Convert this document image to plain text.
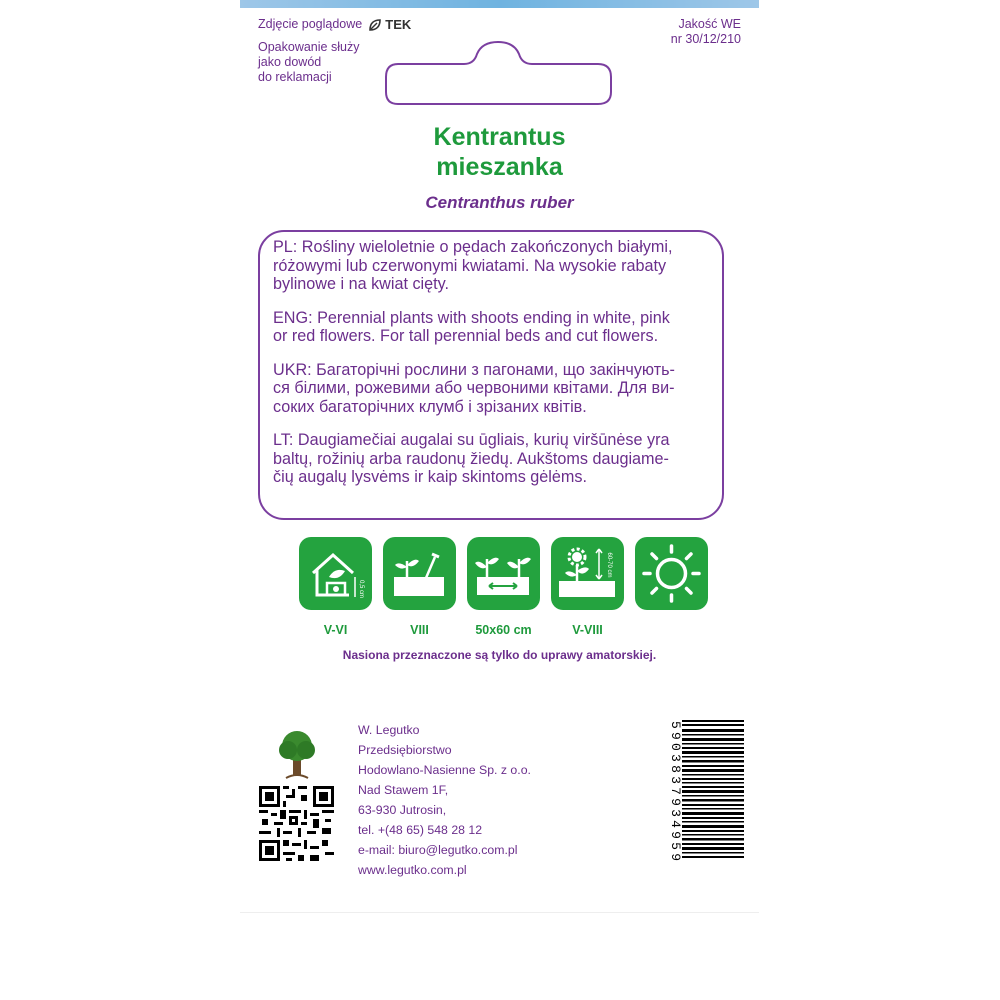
Zdjęcie poglądowe TEK
Opakowanie służy
jako dowód
do reklamacji
Jakość WE
nr 30/12/210
Kentrantus
mieszanka
Centranthus ruber

PL: Rośliny wieloletnie o pędach zakończonych białymi,
różowymi lub czerwonymi kwiatami. Na wysokie rabaty
bylinowe i na kwiat cięty.

ENG: Perennial plants with shoots ending in white, pink
or red flowers. For tall perennial beds and cut flowers.

UKR: Багаторічні рослини з пагонами, що закінчують-
ся білими, рожевими або червоними квітами. Для ви-
соких багаторічних клумб і зрізаних квітів.

LT: Daugiamečiai augalai su ūgliais, kurių viršūnėse yra
baltų, rožinių arba raudonų žiedų. Aukštoms daugiame-
čių augalų lysvėms ir kaip skintoms gėlėms.

0,5 cm
60-70 cm
V-VI	VIII	50x60 cm	V-VIII
Nasiona przeznaczone są tylko do uprawy amatorskiej.
W. Legutko
Przedsiębiorstwo
Hodowlano-Nasienne Sp. z o.o.
Nad Stawem 1F,
63-930 Jutrosin,
tel. +(48 65) 548 28 12
e-mail: biuro@legutko.com.pl
www.legutko.com.pl
5903837934959
